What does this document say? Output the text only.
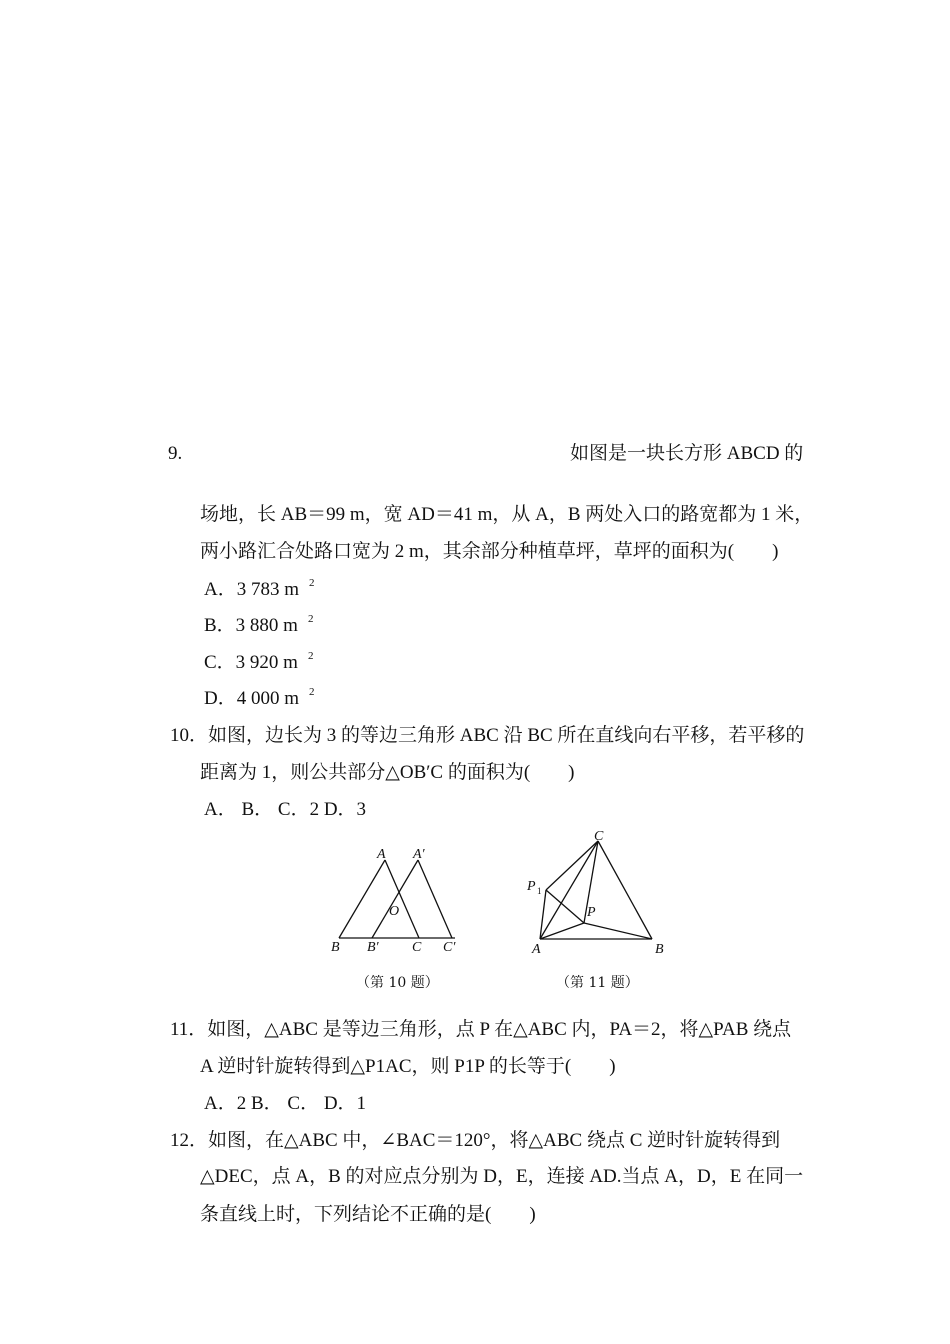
9.	如图是一块长方形 ABCD 的
场地，长 AB＝99 m，宽 AD＝41 m，从 A，B 两处入口的路宽都为 1 米，
两小路汇合处路口宽为 2 m，其余部分种植草坪，草坪的面积为(　　)
A．3 783 m $^2$
B．3 880 m $^2$
C．3 920 m $^2$
D．4 000 m $^2$
10．如图，边长为 3 的等边三角形 ABC 沿 BC 所在直线向右平移，若平移的
距离为 1，则公共部分△OB′C 的面积为(　　)
A． B． C．2 D．3
A A′
O
B B′ C C′
（第 10 题）
C
P 1
P
A	B
（第 11 题）
11．如图，△ABC 是等边三角形，点 P 在△ABC 内，PA＝2，将△PAB 绕点
A 逆时针旋转得到△P1AC，则 P1P 的长等于(　　)
A．2 B． C． D．1
12．如图，在△ABC 中，∠BAC＝120°，将△ABC 绕点 C 逆时针旋转得到
△DEC，点 A，B 的对应点分别为 D，E，连接 AD.当点 A，D，E 在同一
条直线上时，下列结论不正确的是(　　)
